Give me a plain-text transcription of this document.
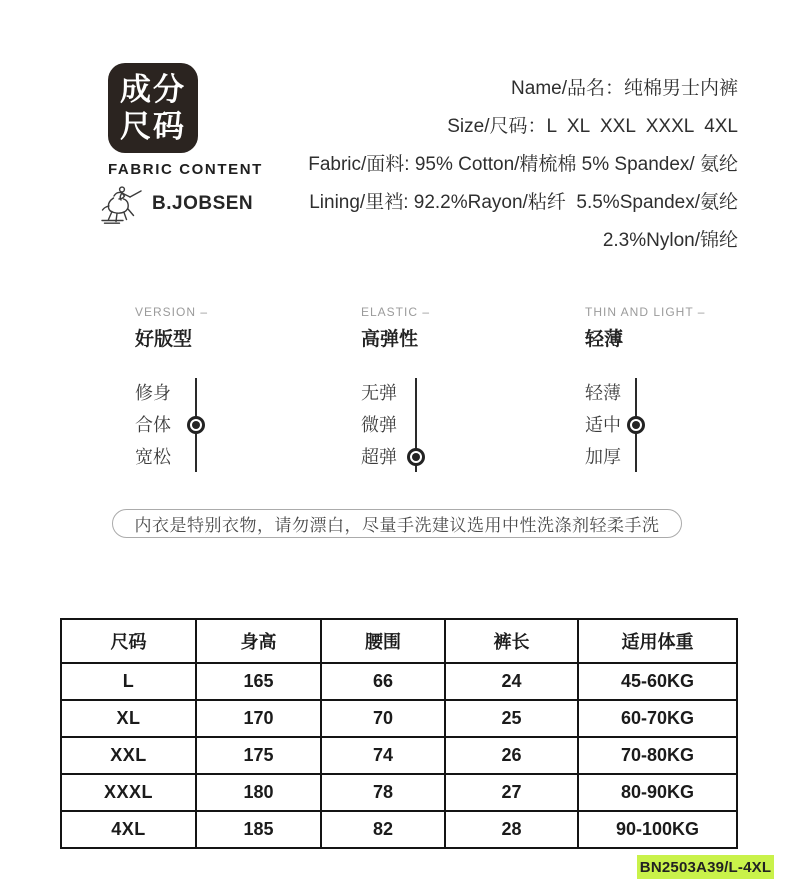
成分
尺码
FABRIC CONTENT
B.JOBSEN
Name/品名：纯棉男士内裤
Size/尺码：L  XL  XXL  XXXL  4XL
Fabric/面料: 95% Cotton/精梳棉 5% Spandex/ 氨纶
Lining/里裆: 92.2%Rayon/粘纤  5.5%Spandex/氨纶
2.3%Nylon/锦纶
VERSION –
好版型
修身
合体
宽松
ELASTIC –
高弹性
无弹
微弹
超弹
THIN AND LIGHT –
轻薄
轻薄
适中
加厚
内衣是特别衣物，请勿漂白，尽量手洗建议选用中性洗涤剂轻柔手洗
尺码	身高	腰围	裤长	适用体重
L	165	66	24	45-60KG
XL	170	70	25	60-70KG
XXL	175	74	26	70-80KG
XXXL	180	78	27	80-90KG
4XL	185	82	28	90-100KG
BN2503A39/L-4XL
